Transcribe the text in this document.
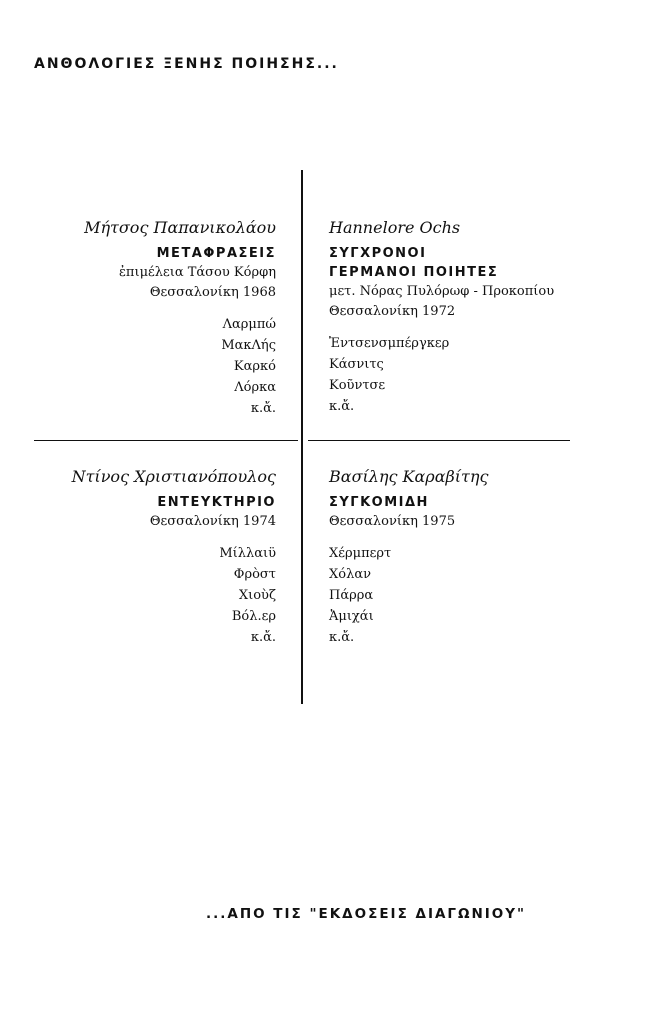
ΑΝΘΟΛΟΓΙΕΣ ΞΕΝΗΣ ΠΟΙΗΣΗΣ...
Μήτσος Παπανικολάου
ΜΕΤΑΦΡΑΣΕΙΣ
ἐπιμέλεια Τάσου Κόρφη
Θεσσαλονίκη 1968
Λαρμπώ
ΜακΛής
Καρκό
Λόρκα
κ.ἄ.
Hannelore Ochs
ΣΥΓΧΡΟΝΟΙ
ΓΕΡΜΑΝΟΙ ΠΟΙΗΤΕΣ
μετ. Νόρας Πυλόρωφ - Προκοπίου
Θεσσαλονίκη 1972
Ἐντσενσμπέργκερ
Κάσνιτς
Κοῦντσε
κ.ἄ.
Ντίνος Χριστιανόπουλος
ΕΝΤΕΥΚΤΗΡΙΟ
Θεσσαλονίκη 1974
Μίλλαιϋ
Φρὸστ
Χιοὺζ
Βόλ.ερ
κ.ἄ.
Βασίλης Καραβίτης
ΣΥΓΚΟΜΙΔΗ
Θεσσαλονίκη 1975
Χέρμπερτ
Χόλαν
Πάρρα
Ἀμιχάι
κ.ἄ.
...ΑΠΟ ΤΙΣ "ΕΚΔΟΣΕΙΣ ΔΙΑΓΩΝΙΟΥ"
